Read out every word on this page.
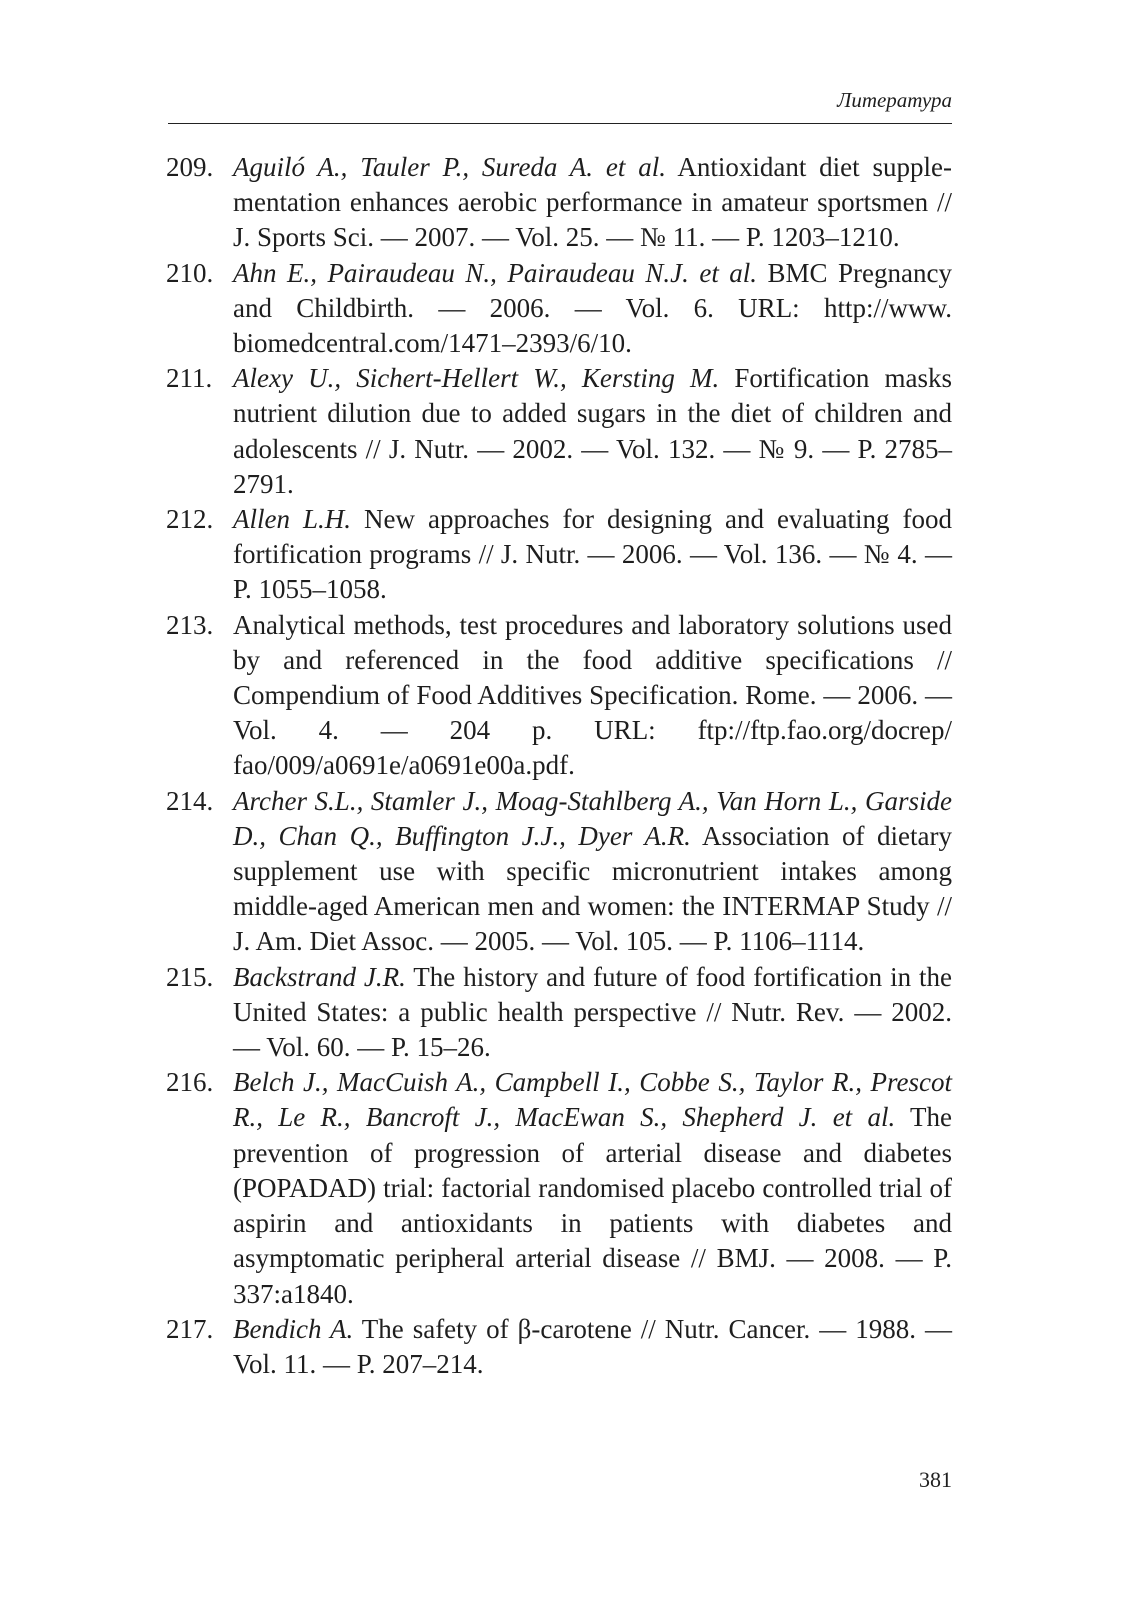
Литература
209. Aguiló A., Tauler P., Sureda A. et al. Antioxidant diet supplementation enhances aerobic performance in amateur sportsmen // J. Sports Sci. — 2007. — Vol. 25. — № 11. — P. 1203–1210.
210. Ahn E., Pairaudeau N., Pairaudeau N.J. et al. BMC Pregnancy and Childbirth. — 2006. — Vol. 6. URL: http://www.​biomedcentral.com/1471–2393/6/10.
211. Alexy U., Sichert-Hellert W., Kersting M. Fortification masks nutrient dilution due to added sugars in the diet of children and adolescents // J. Nutr. — 2002. — Vol. 132. — № 9. — P. 2785–2791.
212. Allen L.H. New approaches for designing and evaluating food fortification programs // J. Nutr. — 2006. — Vol. 136. — № 4. — P. 1055–1058.
213. Analytical methods, test procedures and laboratory solutions used by and referenced in the food additive specifications // Compendium of Food Additives Specification. Rome. — 2006. — Vol. 4. — 204 p. URL: ftp://ftp.fao.org/docrep/​fao/009/a0691e/a0691e00a.pdf.
214. Archer S.L., Stamler J., Moag-Stahlberg A., Van Horn L., Garside D., Chan Q., Buffington J.J., Dyer A.R. Association of dietary supplement use with specific micronutrient intakes among middle-aged American men and women: the INTERMAP Study // J. Am. Diet Assoc. — 2005. — Vol. 105. — P. 1106–1114.
215. Backstrand J.R. The history and future of food fortification in the United States: a public health perspective // Nutr. Rev. — 2002. — Vol. 60. — P. 15–26.
216. Belch J., MacCuish A., Campbell I., Cobbe S., Taylor R., Prescot R., Le R., Bancroft J., MacEwan S., Shepherd J. et al. The prevention of progression of arterial disease and diabetes (POPADAD) trial: factorial randomised placebo controlled trial of aspirin and antioxidants in patients with diabetes and asymptomatic peripheral arterial disease // BMJ. — 2008. — P. 337:a1840.
217. Bendich A. The safety of β-carotene // Nutr. Cancer. — 1988. — Vol. 11. — P. 207–214.
381
